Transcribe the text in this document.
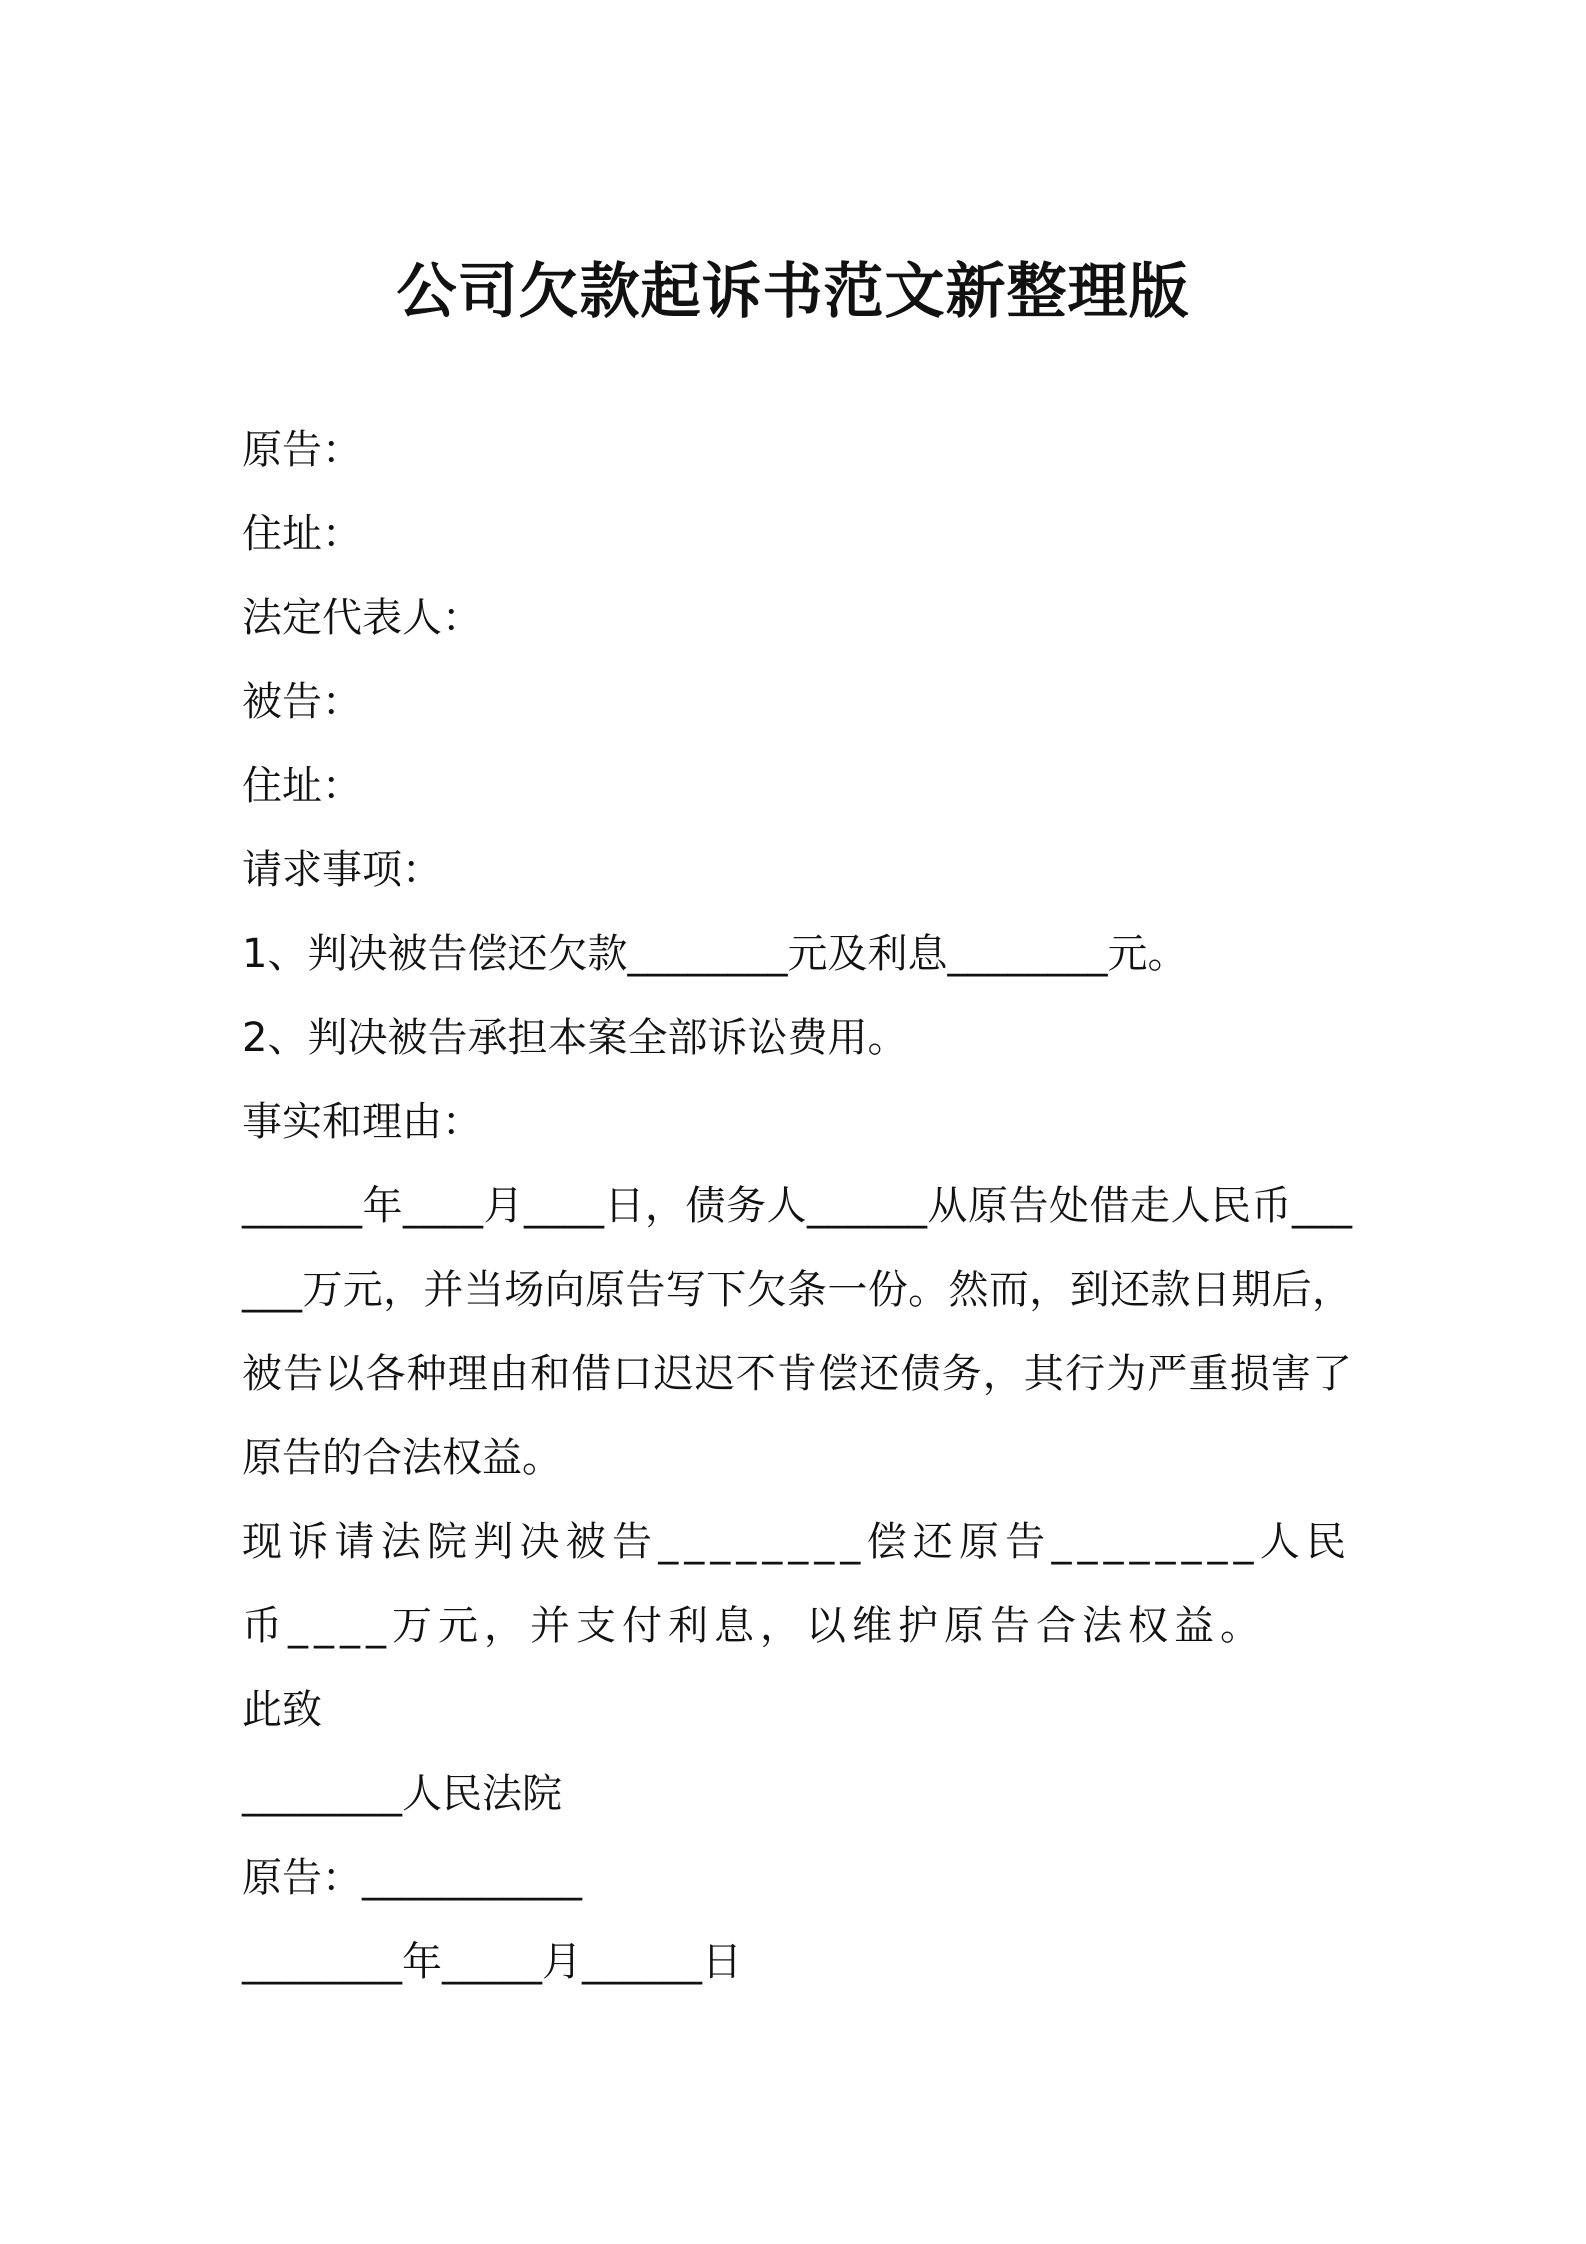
公司欠款起诉书范文新整理版
原告：
住址：
法定代表人：
被告：
住址：
请求事项：
1、判决被告偿还欠款________元及利息________元。
2、判决被告承担本案全部诉讼费用。
事实和理由：
______年____月____日，债务人______从原告处借走人民币______万元，并当场向原告写下欠条一份。然而，到还款日期后，被告以各种理由和借口迟迟不肯偿还债务，其行为严重损害了原告的合法权益。
现诉请法院判决被告________偿还原告________人民币____万元，并支付利息，以维护原告合法权益。
此致
________人民法院
原告：___________
________年_____月______日
